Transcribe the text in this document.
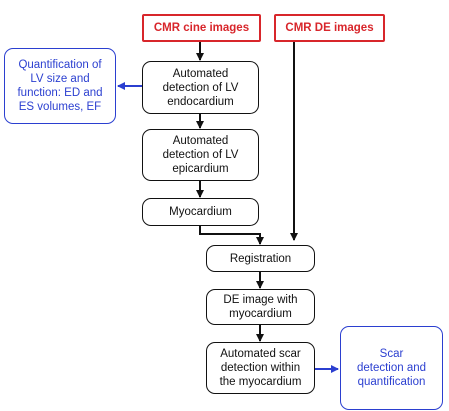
CMR cine images	CMR DE images
Quantification of
LV size and
function: ED and
ES volumes, EF
Automated
detection of LV
endocardium
Automated
detection of LV
epicardium
Myocardium
Registration
DE image with
myocardium
Automated scar
detection within
the myocardium
Scar
detection and
quantification
